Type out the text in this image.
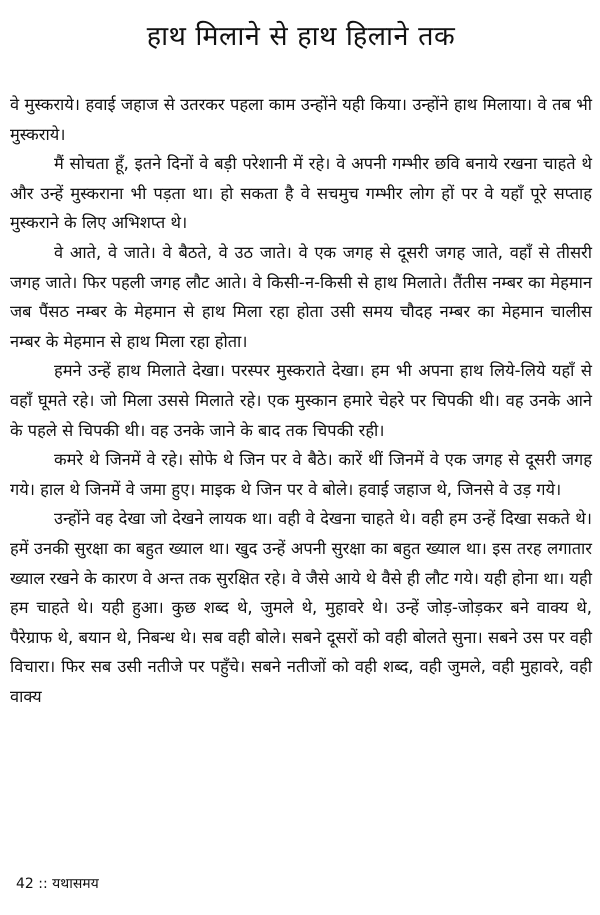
हाथ मिलाने से हाथ हिलाने तक

वे मुस्कराये। हवाई जहाज से उतरकर पहला काम उन्होंने यही किया। उन्होंने हाथ मिलाया। वे तब भी मुस्कराये।

मैं सोचता हूँ, इतने दिनों वे बड़ी परेशानी में रहे। वे अपनी गम्भीर छवि बनाये रखना चाहते थे और उन्हें मुस्कराना भी पड़ता था। हो सकता है वे सचमुच गम्भीर लोग हों पर वे यहाँ पूरे सप्ताह मुस्कराने के लिए अभिशप्त थे।

वे आते, वे जाते। वे बैठते, वे उठ जाते। वे एक जगह से दूसरी जगह जाते, वहाँ से तीसरी जगह जाते। फिर पहली जगह लौट आते। वे किसी-न-किसी से हाथ मिलाते। तैंतीस नम्बर का मेहमान जब पैंसठ नम्बर के मेहमान से हाथ मिला रहा होता उसी समय चौदह नम्बर का मेहमान चालीस नम्बर के मेहमान से हाथ मिला रहा होता।

हमने उन्हें हाथ मिलाते देखा। परस्पर मुस्कराते देखा। हम भी अपना हाथ लिये-लिये यहाँ से वहाँ घूमते रहे। जो मिला उससे मिलाते रहे। एक मुस्कान हमारे चेहरे पर चिपकी थी। वह उनके आने के पहले से चिपकी थी। वह उनके जाने के बाद तक चिपकी रही।

कमरे थे जिनमें वे रहे। सोफे थे जिन पर वे बैठे। कारें थीं जिनमें वे एक जगह से दूसरी जगह गये। हाल थे जिनमें वे जमा हुए। माइक थे जिन पर वे बोले। हवाई जहाज थे, जिनसे वे उड़ गये।

उन्होंने वह देखा जो देखने लायक था। वही वे देखना चाहते थे। वही हम उन्हें दिखा सकते थे। हमें उनकी सुरक्षा का बहुत ख्याल था। खुद उन्हें अपनी सुरक्षा का बहुत ख्याल था। इस तरह लगातार ख्याल रखने के कारण वे अन्त तक सुरक्षित रहे। वे जैसे आये थे वैसे ही लौट गये। यही होना था। यही हम चाहते थे। यही हुआ। कुछ शब्द थे, जुमले थे, मुहावरे थे। उन्हें जोड़-जोड़कर बने वाक्य थे, पैरेग्राफ थे, बयान थे, निबन्ध थे। सब वही बोले। सबने दूसरों को वही बोलते सुना। सबने उस पर वही विचारा। फिर सब उसी नतीजे पर पहुँचे। सबने नतीजों को वही शब्द, वही जुमले, वही मुहावरे, वही वाक्य

42 :: यथासमय
